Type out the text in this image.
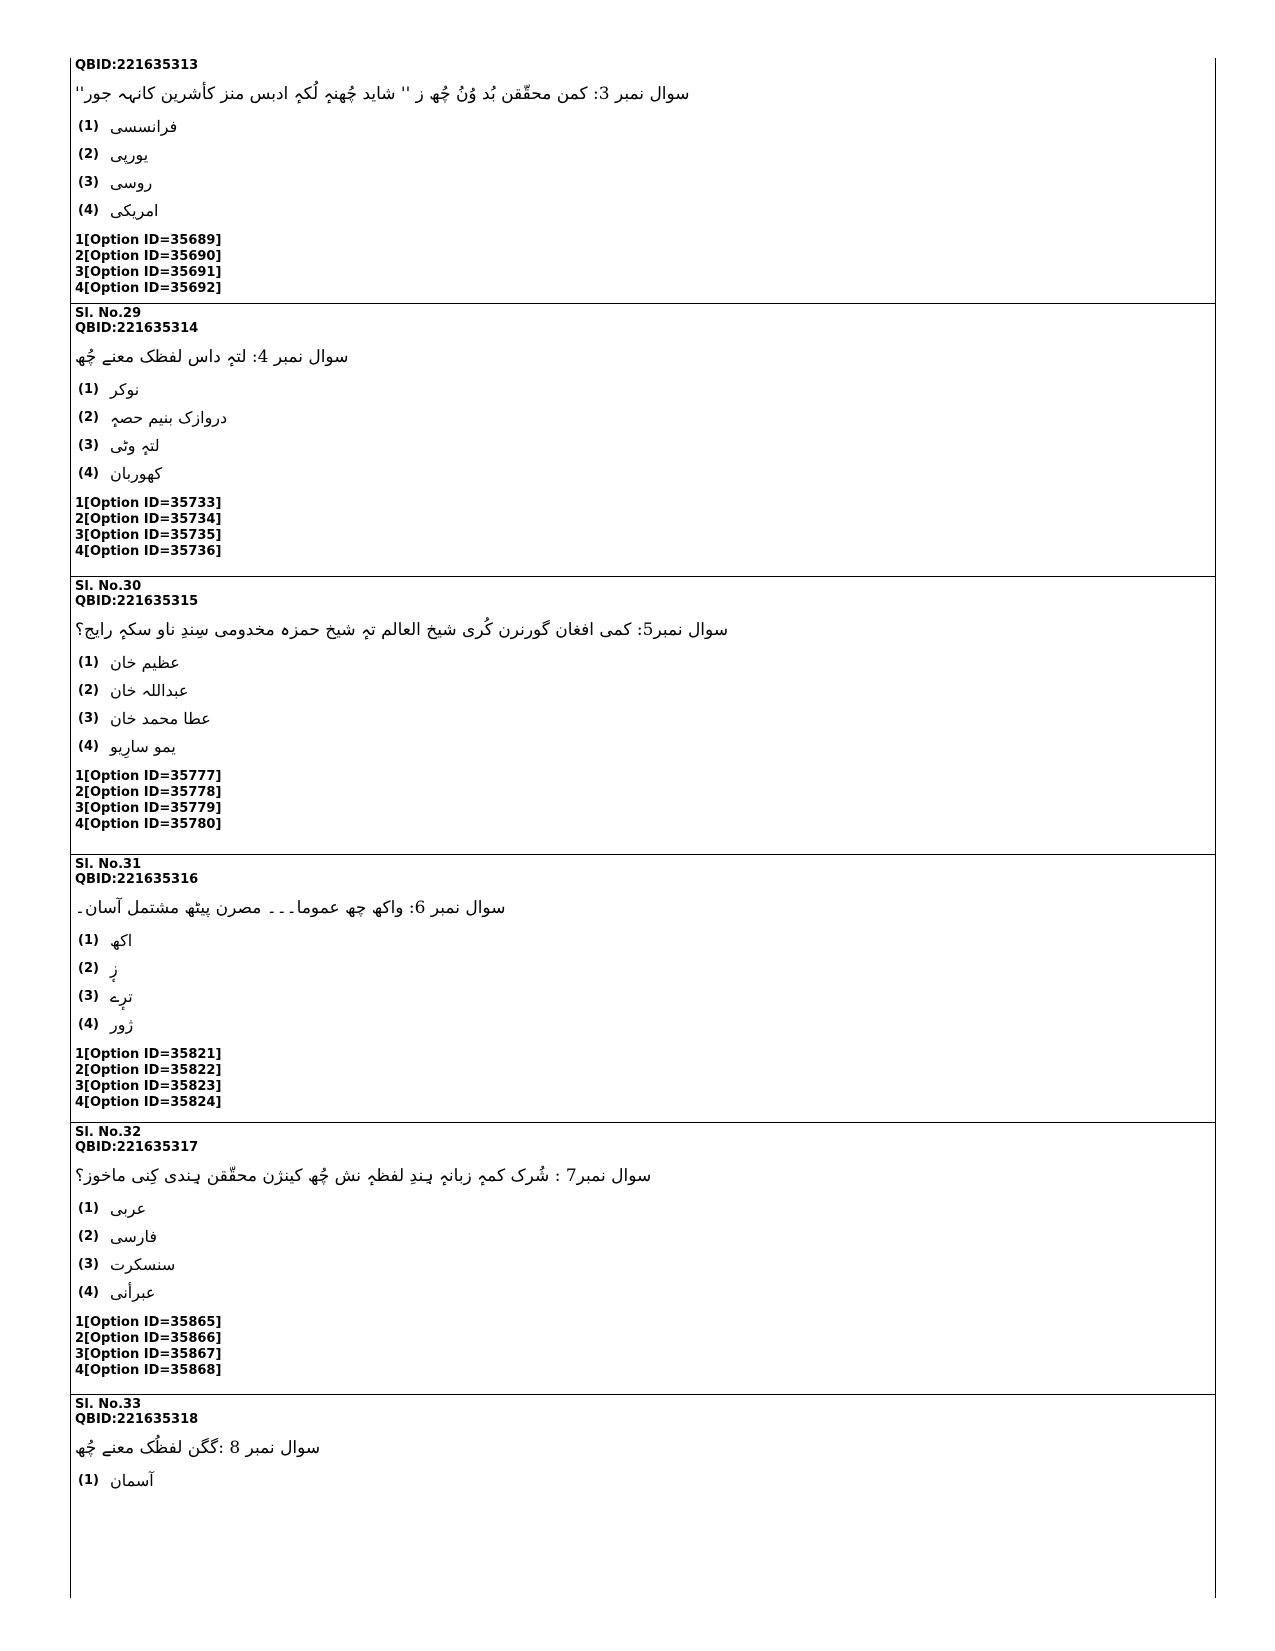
QBID:221635313
سوال نمبر 3: کمن محقّقن بُد وُنُ چُھ ز '' شاید چُھنہٕ لُکہٕ ادبس منز کأشرین کانہہ جور''
(1) فرانسسی
(2) یورپی
(3) روسی
(4) امریکی
1[Option ID=35689]
2[Option ID=35690]
3[Option ID=35691]
4[Option ID=35692]
Sl. No.29
QBID:221635314
سوال نمبر 4: لتہٕ داس لفظک معنے چُھ
(1) نوکر
(2) دروازک بنیم حصہٕ
(3) لتہٕ وٹی
(4) کھوربان
1[Option ID=35733]
2[Option ID=35734]
3[Option ID=35735]
4[Option ID=35736]
Sl. No.30
QBID:221635315
سوال نمبر5: کمی افغان گورنرن کُری شیخ العالم تہٕ شیخ حمزہ مخدومی سِندِ ناو سکہٕ رایج؟
(1) عظیم خان
(2) عبداللہ خان
(3) عطا محمد خان
(4) یمو سارِیو
1[Option ID=35777]
2[Option ID=35778]
3[Option ID=35779]
4[Option ID=35780]
Sl. No.31
QBID:221635316
سوال نمبر 6: واکھ چھ عموما۔۔۔ مصرن پیٹھ مشتمل آسان۔
(1) اکھ
(2) زٕ
(3) ترٕے
(4) ژور
1[Option ID=35821]
2[Option ID=35822]
3[Option ID=35823]
4[Option ID=35824]
Sl. No.32
QBID:221635317
سوال نمبر7 : شُرک کمہٕ زبانہٕ ہِندِ لفظہٕ نش چُھ کینژن محقّقن ہِندی کِنی ماخوز؟
(1) عربی
(2) فارسی
(3) سنسکرت
(4) عبرأنی
1[Option ID=35865]
2[Option ID=35866]
3[Option ID=35867]
4[Option ID=35868]
Sl. No.33
QBID:221635318
سوال نمبر 8 :گگن لفظُک معنے چُھ
(1) آسمان
